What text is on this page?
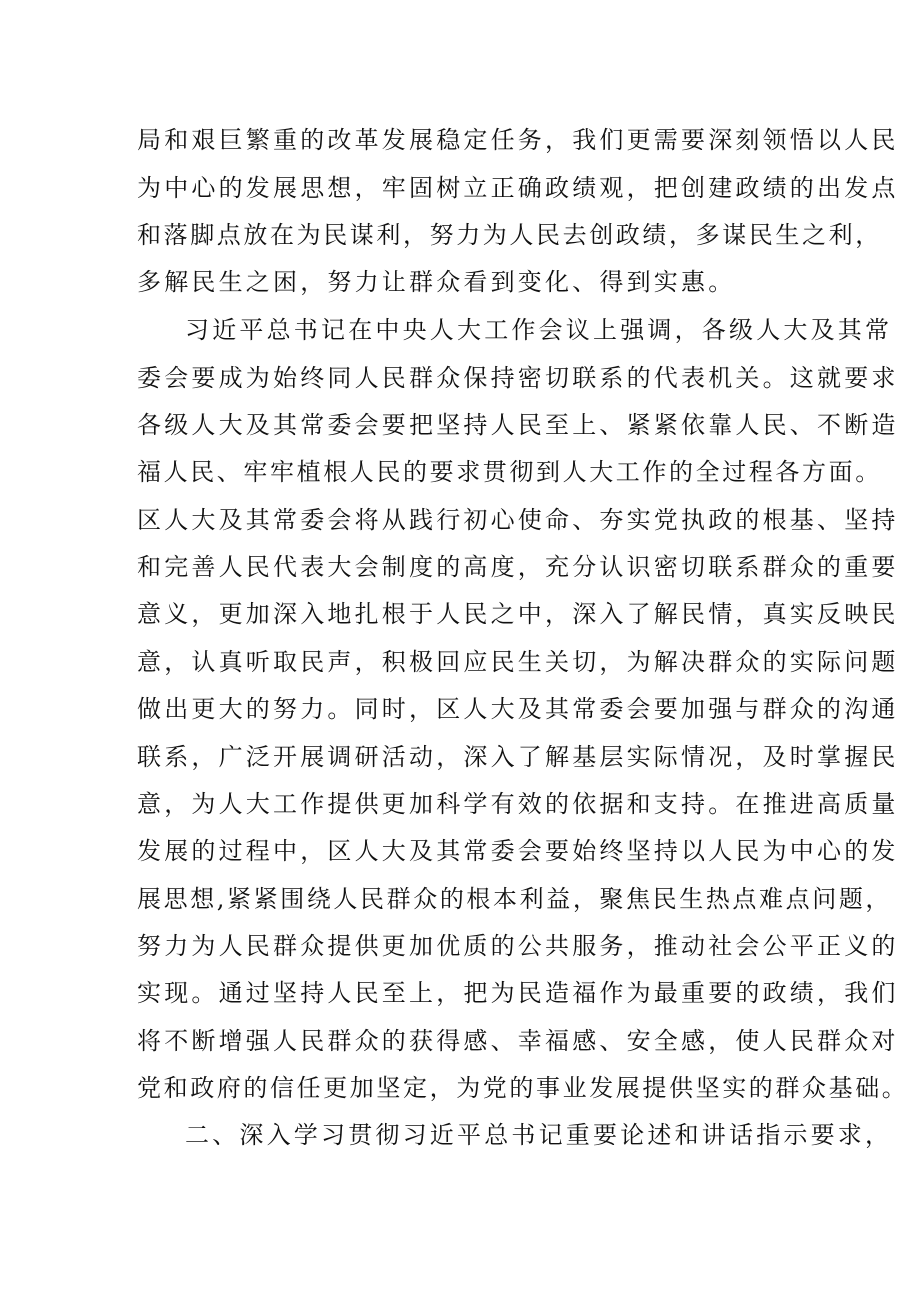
局和艰巨繁重的改革发展稳定任务，我们更需要深刻领悟以人民
为中心的发展思想，牢固树立正确政绩观，把创建政绩的出发点
和落脚点放在为民谋利，努力为人民去创政绩，多谋民生之利，
多解民生之困，努力让群众看到变化、得到实惠。
习近平总书记在中央人大工作会议上强调，各级人大及其常
委会要成为始终同人民群众保持密切联系的代表机关。这就要求
各级人大及其常委会要把坚持人民至上、紧紧依靠人民、不断造
福人民、牢牢植根人民的要求贯彻到人大工作的全过程各方面。
区人大及其常委会将从践行初心使命、夯实党执政的根基、坚持
和完善人民代表大会制度的高度，充分认识密切联系群众的重要
意义，更加深入地扎根于人民之中，深入了解民情，真实反映民
意，认真听取民声，积极回应民生关切，为解决群众的实际问题
做出更大的努力。同时，区人大及其常委会要加强与群众的沟通
联系，广泛开展调研活动，深入了解基层实际情况，及时掌握民
意，为人大工作提供更加科学有效的依据和支持。在推进高质量
发展的过程中，区人大及其常委会要始终坚持以人民为中心的发
展思想,紧紧围绕人民群众的根本利益，聚焦民生热点难点问题，
努力为人民群众提供更加优质的公共服务，推动社会公平正义的
实现。通过坚持人民至上，把为民造福作为最重要的政绩，我们
将不断增强人民群众的获得感、幸福感、安全感，使人民群众对
党和政府的信任更加坚定，为党的事业发展提供坚实的群众基础。
二、深入学习贯彻习近平总书记重要论述和讲话指示要求，
